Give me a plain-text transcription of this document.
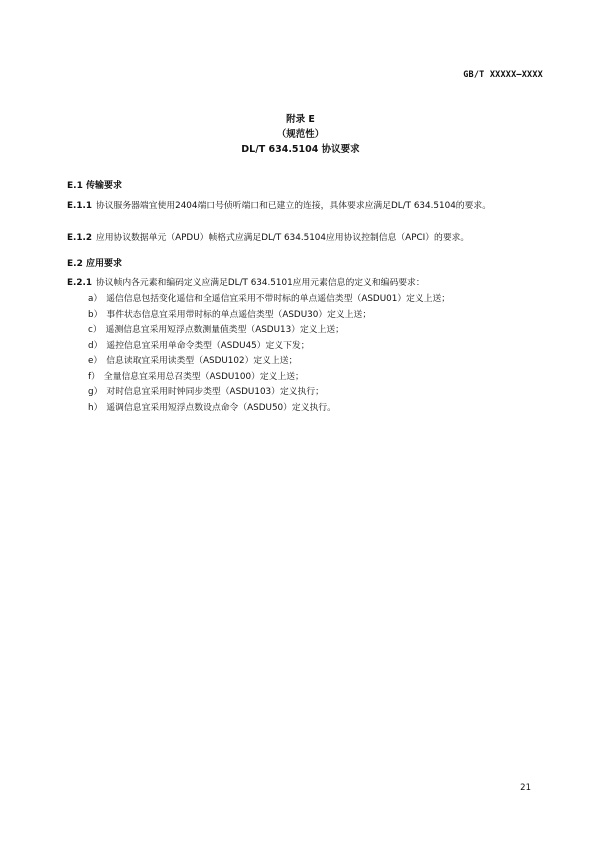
GB/T XXXXX—XXXX
附录 E
（规范性）
DL/T 634.5104 协议要求
E.1 传输要求
E.1.1 协议服务器端宜使用2404端口号侦听端口和已建立的连接，具体要求应满足DL/T 634.5104的要求。
E.1.2 应用协议数据单元（APDU）帧格式应满足DL/T 634.5104应用协议控制信息（APCI）的要求。
E.2 应用要求
E.2.1 协议帧内各元素和编码定义应满足DL/T 634.5101应用元素信息的定义和编码要求：
a） 遥信信息包括变化遥信和全遥信宜采用不带时标的单点遥信类型（ASDU01）定义上送；
b） 事件状态信息宜采用带时标的单点遥信类型（ASDU30）定义上送；
c） 遥测信息宜采用短浮点数测量值类型（ASDU13）定义上送；
d） 遥控信息宜采用单命令类型（ASDU45）定义下发；
e） 信息读取宜采用读类型（ASDU102）定义上送；
f） 全量信息宜采用总召类型（ASDU100）定义上送；
g） 对时信息宜采用时钟同步类型（ASDU103）定义执行；
h） 遥调信息宜采用短浮点数设点命令（ASDU50）定义执行。
21
